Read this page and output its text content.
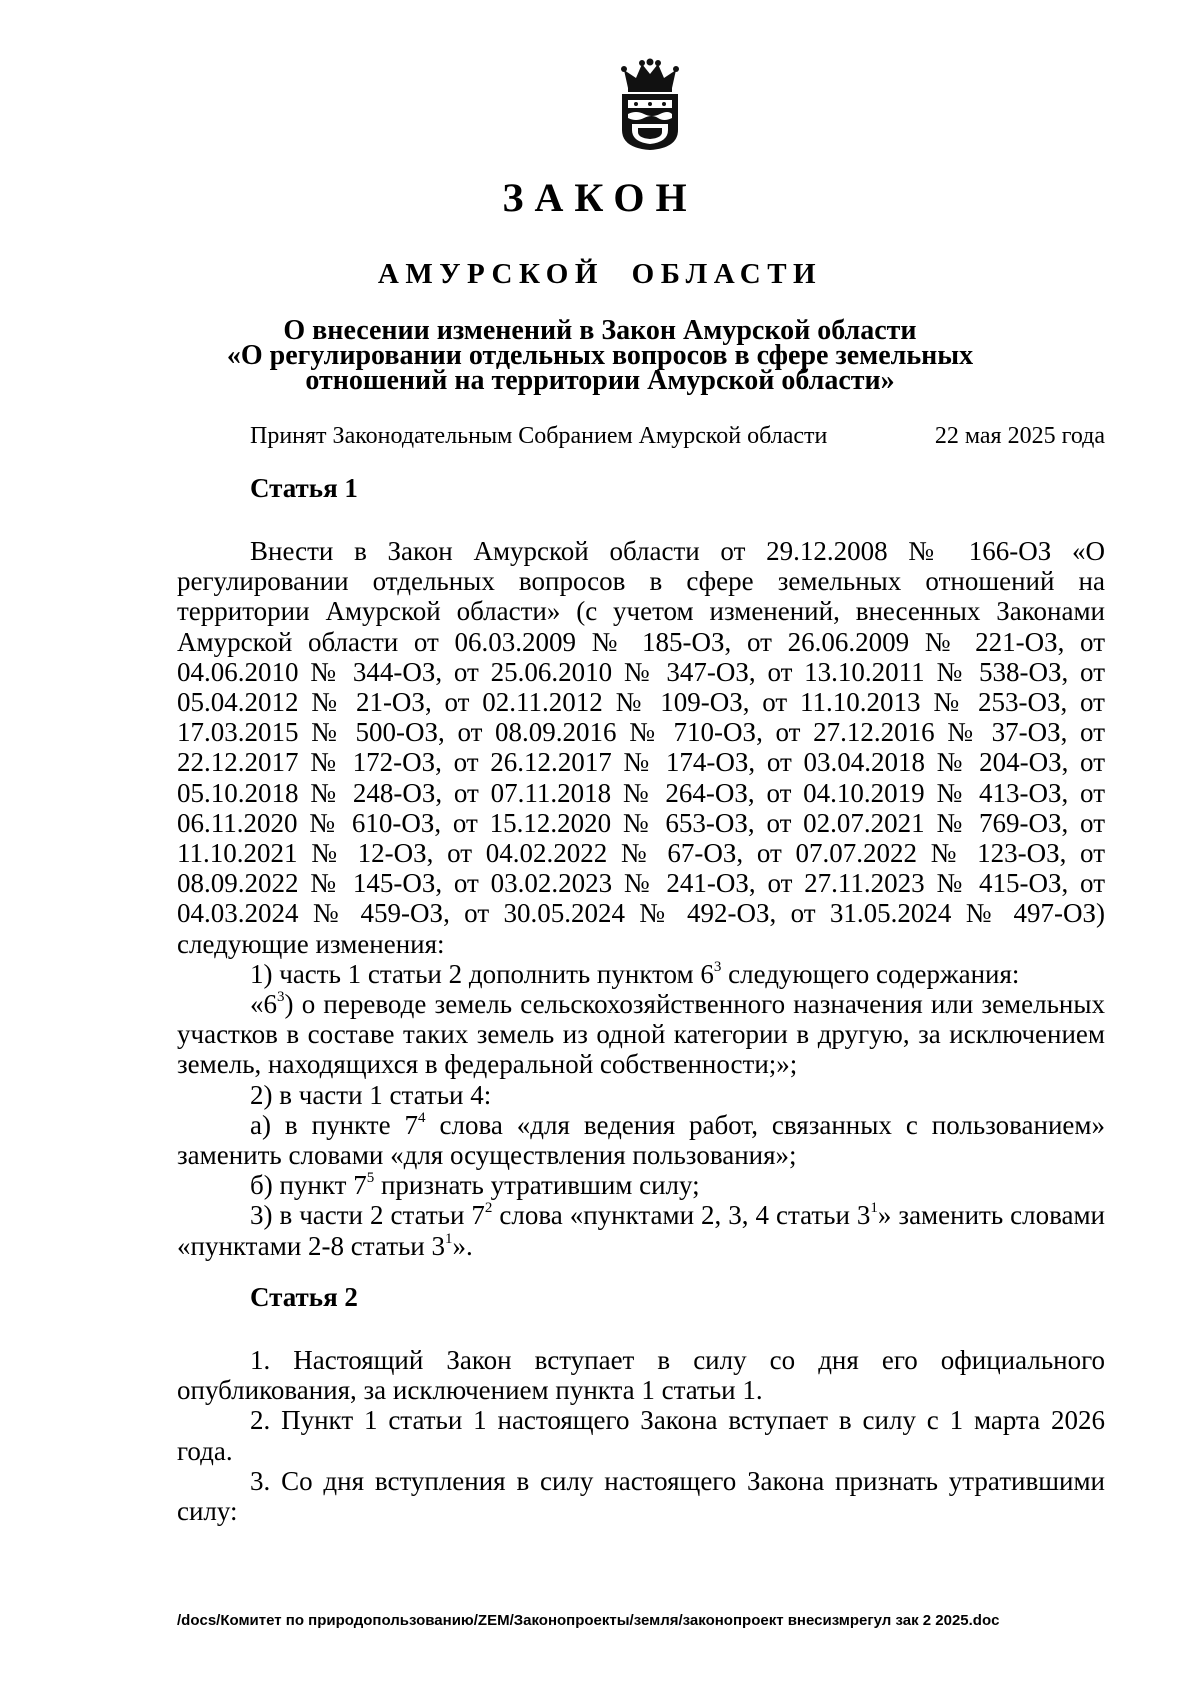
ЗАКОН
АМУРСКОЙ ОБЛАСТИ
О внесении изменений в Закон Амурской области
«О регулировании отдельных вопросов в сфере земельных
отношений на территории Амурской области»

Принят Законодательным Собранием Амурской области	22 мая 2025 года

Статья 1

Внести в Закон Амурской области от 29.12.2008 № 166-ОЗ «О регулировании отдельных вопросов в сфере земельных отношений на территории Амурской области» (с учетом изменений, внесенных Законами Амурской области от 06.03.2009 № 185-ОЗ, от 26.06.2009 № 221-ОЗ, от 04.06.2010 № 344-ОЗ, от 25.06.2010 № 347-ОЗ, от 13.10.2011 № 538-ОЗ, от 05.04.2012 № 21-ОЗ, от 02.11.2012 № 109-ОЗ, от 11.10.2013 № 253-ОЗ, от 17.03.2015 № 500-ОЗ, от 08.09.2016 № 710-ОЗ, от 27.12.2016 № 37-ОЗ, от 22.12.2017 № 172-ОЗ, от 26.12.2017 № 174-ОЗ, от 03.04.2018 № 204-ОЗ, от 05.10.2018 № 248-ОЗ, от 07.11.2018 № 264-ОЗ, от 04.10.2019 № 413-ОЗ, от 06.11.2020 № 610-ОЗ, от 15.12.2020 № 653-ОЗ, от 02.07.2021 № 769-ОЗ, от 11.10.2021 № 12-ОЗ, от 04.02.2022 № 67-ОЗ, от 07.07.2022 № 123-ОЗ, от 08.09.2022 № 145-ОЗ, от 03.02.2023 № 241-ОЗ, от 27.11.2023 № 415-ОЗ, от 04.03.2024 № 459-ОЗ, от 30.05.2024 № 492-ОЗ, от 31.05.2024 № 497-ОЗ) следующие изменения:

1) часть 1 статьи 2 дополнить пунктом $6^3$ следующего содержания:

«$6^3$) о переводе земель сельскохозяйственного назначения или земельных участков в составе таких земель из одной категории в другую, за исключением земель, находящихся в федеральной собственности;»;

2) в части 1 статьи 4:

а) в пункте $7^4$ слова «для ведения работ, связанных с пользованием» заменить словами «для осуществления пользования»;

б) пункт $7^5$ признать утратившим силу;

3) в части 2 статьи $7^2$ слова «пунктами 2, 3, 4 статьи $3^1$» заменить словами «пунктами 2-8 статьи $3^1$».

Статья 2

1. Настоящий Закон вступает в силу со дня его официального опубликования, за исключением пункта 1 статьи 1.

2. Пункт 1 статьи 1 настоящего Закона вступает в силу с 1 марта 2026 года.

3. Со дня вступления в силу настоящего Закона признать утратившими силу:

/docs/Комитет по природопользованию/ZEM/Законопроекты/земля/законопроект внесизмрегул зак 2 2025.doc
